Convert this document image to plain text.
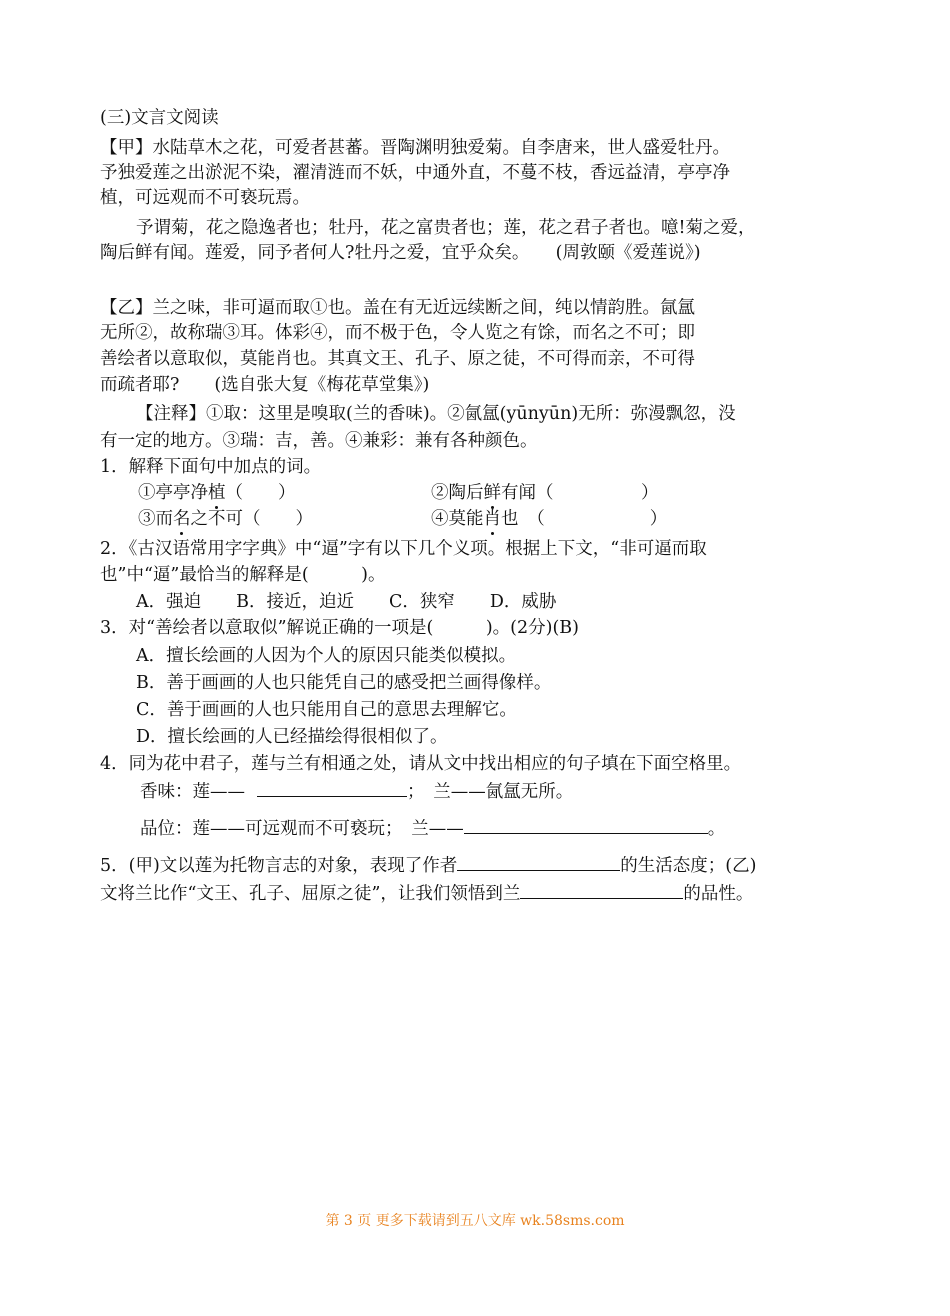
(三)文言文阅读
【甲】水陆草木之花，可爱者甚蕃。晋陶渊明独爱菊。自李唐来，世人盛爱牡丹。
予独爱莲之出淤泥不染，濯清涟而不妖，中通外直，不蔓不枝，香远益清，亭亭净
植，可远观而不可亵玩焉。
予谓菊，花之隐逸者也；牡丹，花之富贵者也；莲，花之君子者也。噫!菊之爱，
陶后鲜有闻。莲爱，同予者何人?牡丹之爱，宜乎众矣。　　(周敦颐《爱莲说》)
【乙】兰之味，非可逼而取①也。盖在有无近远续断之间，纯以情韵胜。氤氲
无所②，故称瑞③耳。体彩④，而不极于色，令人览之有馀，而名之不可；即
善绘者以意取似，莫能肖也。其真文王、孔子、原之徒，不可得而亲，不可得
而疏者耶?　　(选自张大复《梅花草堂集》)
【注释】①取：这里是嗅取(兰的香味)。②氤氲(yūnyūn)无所：弥漫飘忽，没
有一定的地方。③瑞：吉，善。④兼彩：兼有各种颜色。
1．解释下面句中加点的词。
①亭亭净植（　　）	②陶后鲜有闻（　　　　　）
③而名之不可（　　）	④莫能肖也　（　　　　　　）
2．《古汉语常用字字典》中“逼”字有以下几个义项。根据上下文，“非可逼而取
也”中“逼”最恰当的解释是(　　　)。
A．强迫　　B．接近，迫近　　C．狭窄　　D．威胁
3．对“善绘者以意取似”解说正确的一项是(　　　)。(2分)(B)
A．擅长绘画的人因为个人的原因只能类似模拟。
B．善于画画的人也只能凭自己的感受把兰画得像样。
C．善于画画的人也只能用自己的意思去理解它。
D．擅长绘画的人已经描绘得很相似了。
4．同为花中君子，莲与兰有相通之处，请从文中找出相应的句子填在下面空格里。
香味：莲——	；　兰——氤氲无所。
品位：莲——可远观而不可亵玩；　兰——	。
5．(甲)文以莲为托物言志的对象，表现了作者	的生活态度；(乙)
文将兰比作“文王、孔子、屈原之徒”，让我们领悟到兰	的品性。
第 3 页 更多下载请到五八文库 wk.58sms.com
